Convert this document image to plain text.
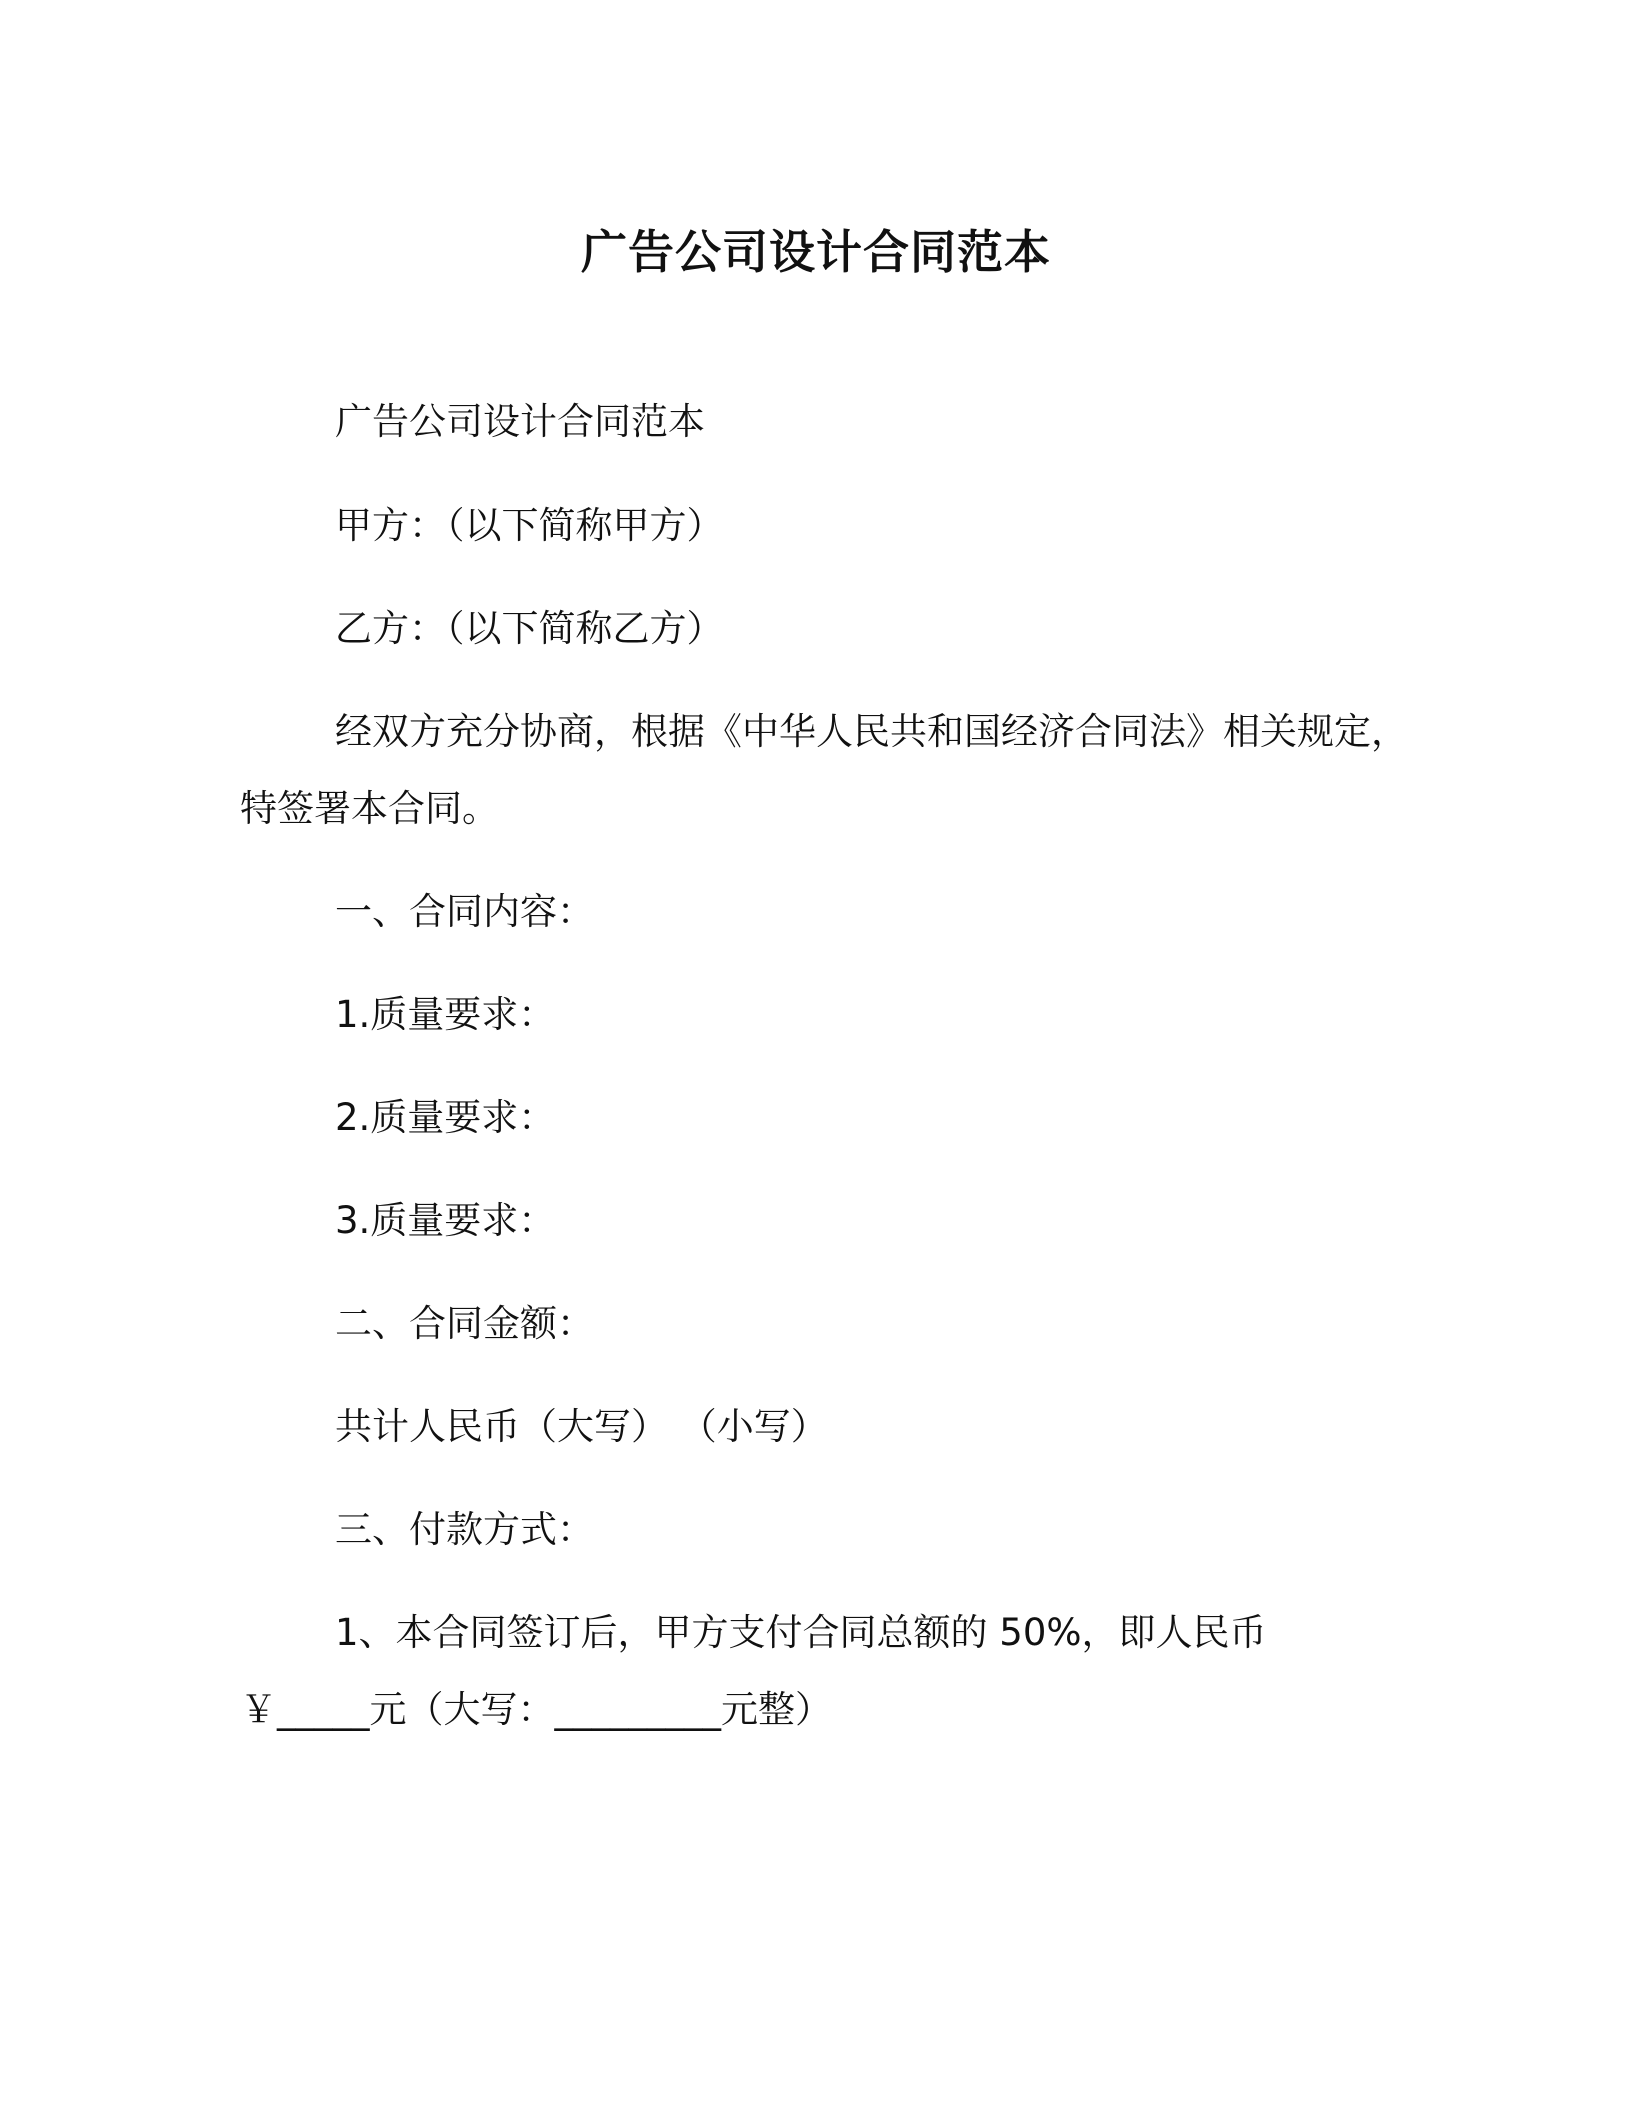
广告公司设计合同范本

广告公司设计合同范本

甲方：（以下简称甲方）

乙方：（以下简称乙方）

经双方充分协商，根据《中华人民共和国经济合同法》相关规定，

特签署本合同。

一、合同内容：

1.质量要求：

2.质量要求：

3.质量要求：

二、合同金额：

共计人民币（大写） （小写）

三、付款方式：

1、本合同签订后，甲方支付合同总额的 50%，即人民币

￥_____元（大写：_________元整）
